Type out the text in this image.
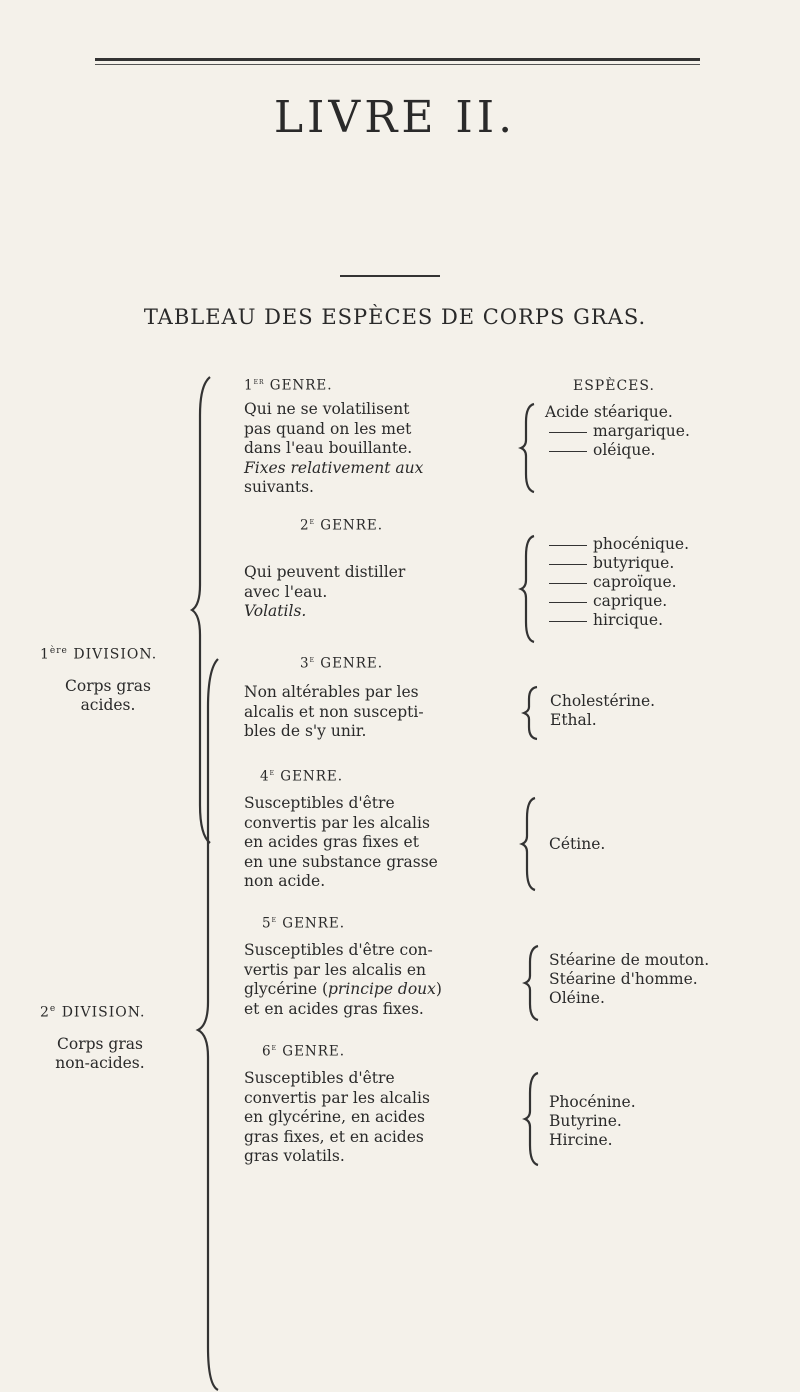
LIVRE II.
TABLEAU DES ESPÈCES DE CORPS GRAS.
1ère DIVISION.
Corps gras
acides.
1er GENRE.
Qui ne se volatilisent
pas quand on les met
dans l'eau bouillante.
Fixes relativement aux
suivants.
ESPÈCES.
Acide stéarique.
margarique.
oléique.
2e GENRE.
Qui peuvent distiller
avec l'eau.
Volatils.
phocénique.
butyrique.
caproïque.
caprique.
hircique.
2e DIVISION.
Corps gras
non-acides.
3e GENRE.
Non altérables par les
alcalis et non suscepti-
bles de s'y unir.
Cholestérine.
Ethal.
4e GENRE.
Susceptibles d'être
convertis par les alcalis
en acides gras fixes et
en une substance grasse
non acide.
Cétine.
5e GENRE.
Susceptibles d'être con-
vertis par les alcalis en
glycérine (principe doux)
et en acides gras fixes.
Stéarine de mouton.
Stéarine d'homme.
Oléine.
6e GENRE.
Susceptibles d'être
convertis par les alcalis
en glycérine, en acides
gras fixes, et en acides
gras volatils.
Phocénine.
Butyrine.
Hircine.
